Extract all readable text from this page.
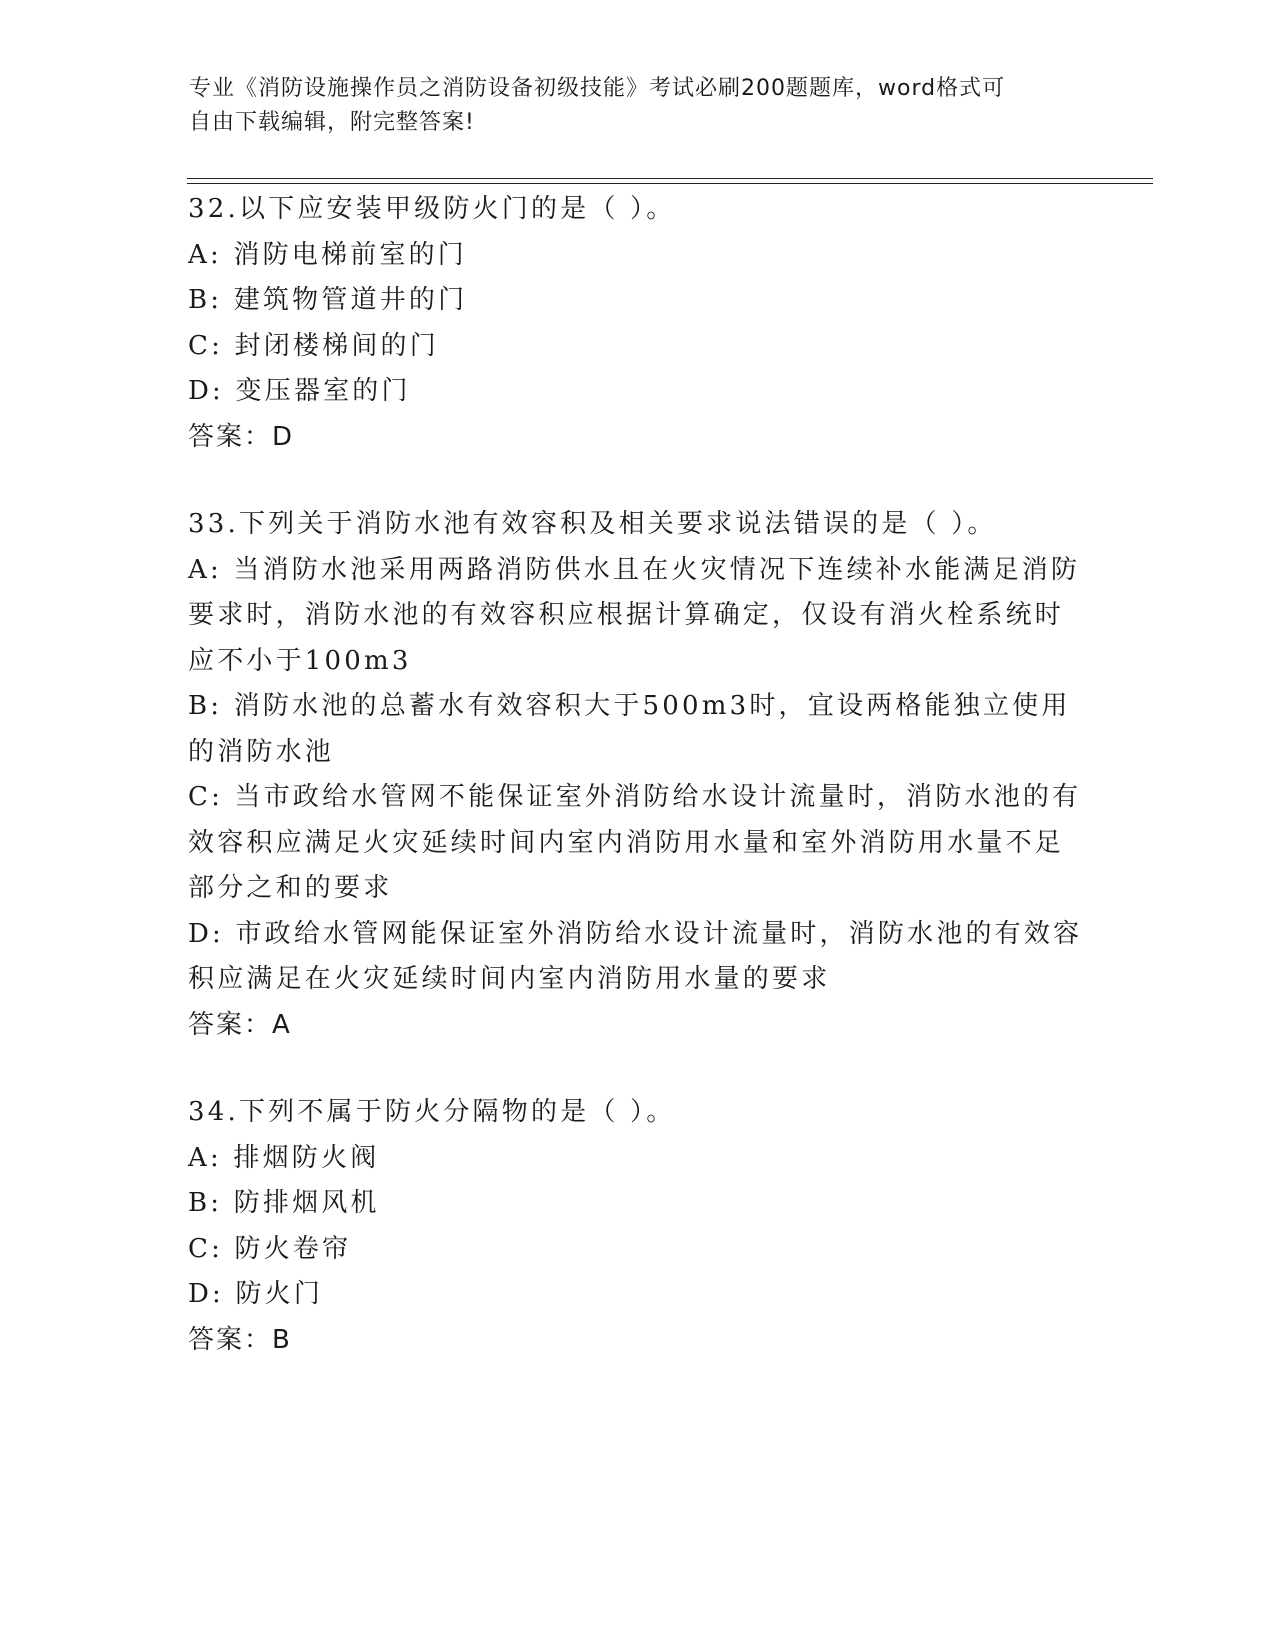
专业《消防设施操作员之消防设备初级技能》考试必刷200题题库，word格式可
自由下载编辑，附完整答案!
32.以下应安装甲级防火门的是（ ）。
A: 消防电梯前室的门
B: 建筑物管道井的门
C: 封闭楼梯间的门
D: 变压器室的门
答案：D
33.下列关于消防水池有效容积及相关要求说法错误的是（ ）。
A: 当消防水池采用两路消防供水且在火灾情况下连续补水能满足消防要求时，消防水池的有效容积应根据计算确定，仅设有消火栓系统时应不小于100m3
B: 消防水池的总蓄水有效容积大于500m3时，宜设两格能独立使用的消防水池
C: 当市政给水管网不能保证室外消防给水设计流量时，消防水池的有效容积应满足火灾延续时间内室内消防用水量和室外消防用水量不足部分之和的要求
D: 市政给水管网能保证室外消防给水设计流量时，消防水池的有效容积应满足在火灾延续时间内室内消防用水量的要求
答案：A
34.下列不属于防火分隔物的是（ ）。
A: 排烟防火阀
B: 防排烟风机
C: 防火卷帘
D: 防火门
答案：B
